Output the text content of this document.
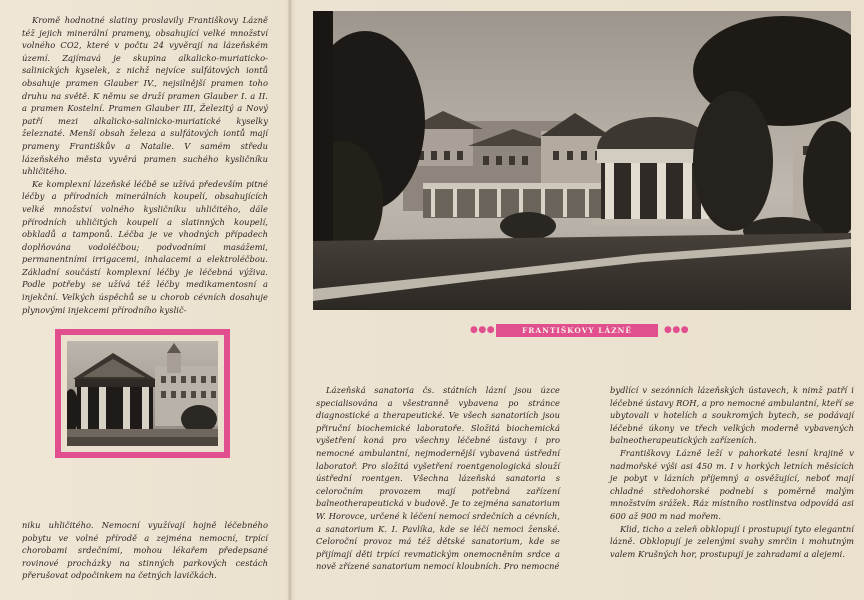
Kromě hodnotné slatiny proslavily Františkovy Lázně též jejich minerální prameny, obsahující velké množství volného CO2, které v počtu 24 vyvěrají na lázeňském území. Zajímavá je skupina alkalicko-muriaticko-salinických kyselek, z nichž nejvíce sulfátových iontů obsahuje pramen Glauber IV., nejsilnější pramen toho druhu na světě. K němu se druží pramen Glauber I. a II. a pramen Kostelní. Pramen Glauber III, Železitý a Nový patří mezi alkalicko-salinicko-muriatické kyselky železnaté. Menší obsah železa a sulfátových iontů mají prameny Františkův a Natalie. V samém středu lázeňského města vyvěrá pramen suchého kysličníku uhličitého.

Ke komplexní lázeňské léčbě se užívá především pitné léčby a přírodních minerálních koupelí, obsahujících velké množství volného kysličníku uhličitého, dále přírodních uhličitých koupelí a slatinných koupelí, obkladů a tamponů. Léčba je ve vhodných případech doplňována vodoléčbou; podvodními masážemi, permanentními irrigacemi, inhalacemi a elektroléčbou. Základní součástí komplexní léčby je léčebná výživa. Podle potřeby se užívá též léčby medikamentosní a injekční. Velkých úspěchů se u chorob cévních dosahuje plynovými injekcemi přírodního kyslič-

niku uhličitého. Nemocní využívají hojně léčebného pobytu ve volné přírodě a zejména nemocní, trpící chorobami srdečními, mohou lékařem předepsané rovinové procházky na stinných parkových cestách přerušovat odpočinkem na četných lavičkách.

●●●	FRANTIŠKOVY LÁZNĚ	●●●

Lázeňská sanatoria čs. státních lázní jsou úzce specialisována a všestranně vybavena po stránce diagnostické a therapeutické. Ve všech sanatoriích jsou přiruční biochemické laboratoře. Složitá biochemická vyšetření koná pro všechny léčebné ústavy i pro nemocné ambulantní, nejmodernější vybavená ústřední laboratoř. Pro složitá vyšetření roentgenologická slouží ústřední roentgen. Všechna lázeňská sanatoria s celoročním provozem mají potřebná zařízení balneotherapeutická v budově. Je to zejména sanatorium W. Horovce, určené k léčení nemocí srdečních a cévních, a sanatorium K. I. Pavlíka, kde se léčí nemoci ženské. Celoroční provoz má též dětské sanatorium, kde se přijímají děti trpící revmatickým onemocněním srdce a nově zřízené sanatorium nemocí kloubních. Pro nemocné

bydlící v sezónních lázeňských ústavech, k nimž patří i léčebné ústavy ROH, a pro nemocné ambulantní, kteří se ubytovali v hotelích a soukromých bytech, se podávají léčebné úkony ve třech velkých moderně vybavených balneotherapeutických zařízeních.

Františkovy Lázně leží v pahorkaté lesní krajině v nadmořské výši asi 450 m. I v horkých letních měsících je pobyt v lázních příjemný a osvěžující, neboť mají chladné středohorské podnebí s poměrně malým množstvím srážek. Ráz místního rostlinstva odpovídá asi 600 až 900 m nad mořem.

Klid, ticho a zeleň obklopují i prostupují tyto elegantní lázně. Obklopují je zelenými svahy smrčin i mohutným valem Krušných hor, prostupují je zahradami a alejemi.
